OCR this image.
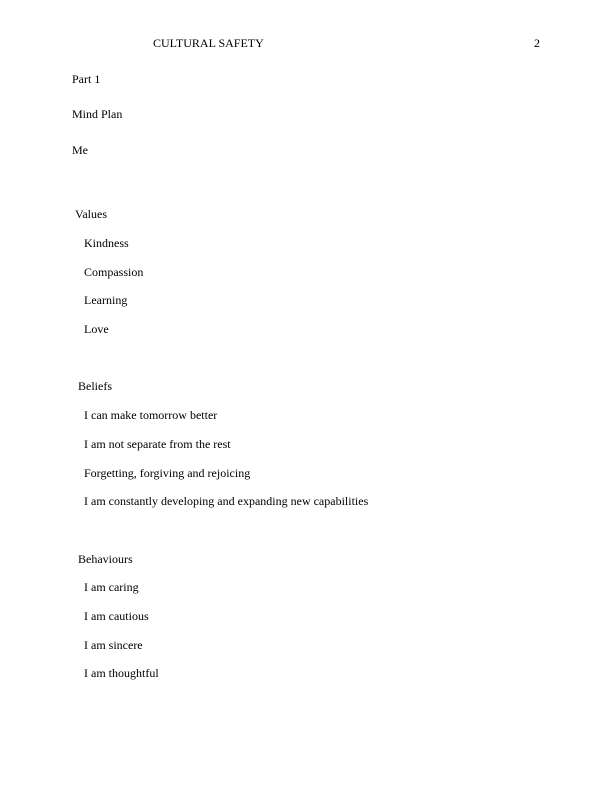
CULTURAL SAFETY	2
Part 1
Mind Plan
Me
Values
Kindness
Compassion
Learning
Love
Beliefs
I can make tomorrow better
I am not separate from the rest
Forgetting, forgiving and rejoicing
I am constantly developing and expanding new capabilities
Behaviours
I am caring
I am cautious
I am sincere
I am thoughtful
